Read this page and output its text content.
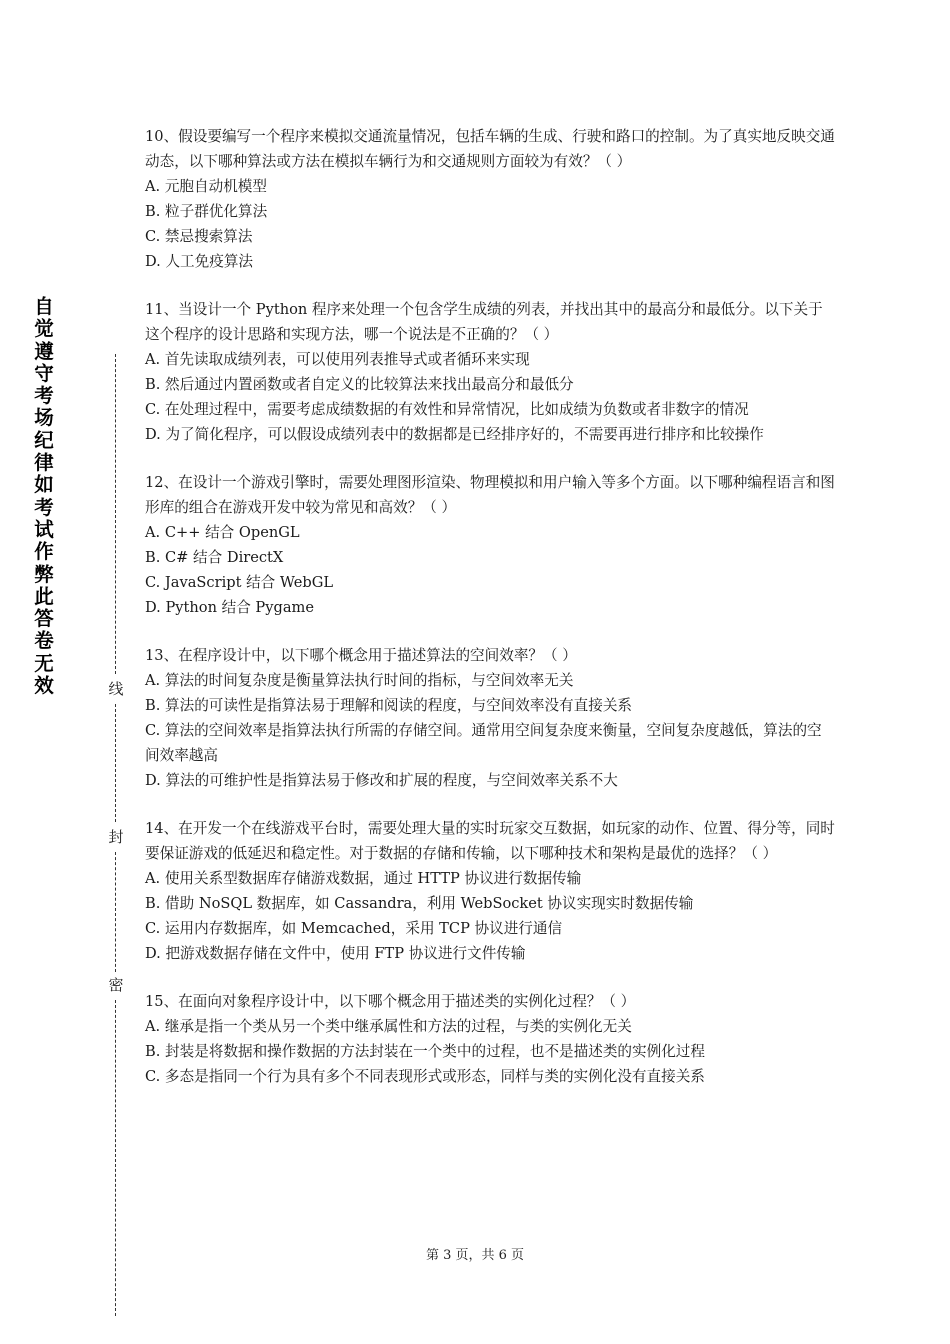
自觉遵守考场纪律如考试作弊此答卷无效	线
封
密
10、假设要编写一个程序来模拟交通流量情况，包括车辆的生成、行驶和路口的控制。为了真实地反映交通动态，以下哪种算法或方法在模拟车辆行为和交通规则方面较为有效？（ ）
A. 元胞自动机模型
B. 粒子群优化算法
C. 禁忌搜索算法
D. 人工免疫算法
11、当设计一个 Python 程序来处理一个包含学生成绩的列表，并找出其中的最高分和最低分。以下关于这个程序的设计思路和实现方法，哪一个说法是不正确的？（ ）
A. 首先读取成绩列表，可以使用列表推导式或者循环来实现
B. 然后通过内置函数或者自定义的比较算法来找出最高分和最低分
C. 在处理过程中，需要考虑成绩数据的有效性和异常情况，比如成绩为负数或者非数字的情况
D. 为了简化程序，可以假设成绩列表中的数据都是已经排序好的，不需要再进行排序和比较操作
12、在设计一个游戏引擎时，需要处理图形渲染、物理模拟和用户输入等多个方面。以下哪种编程语言和图形库的组合在游戏开发中较为常见和高效？（ ）
A. C++ 结合 OpenGL
B. C# 结合 DirectX
C. JavaScript 结合 WebGL
D. Python 结合 Pygame
13、在程序设计中，以下哪个概念用于描述算法的空间效率？（ ）
A. 算法的时间复杂度是衡量算法执行时间的指标，与空间效率无关
B. 算法的可读性是指算法易于理解和阅读的程度，与空间效率没有直接关系
C. 算法的空间效率是指算法执行所需的存储空间。通常用空间复杂度来衡量，空间复杂度越低，算法的空间效率越高
D. 算法的可维护性是指算法易于修改和扩展的程度，与空间效率关系不大
14、在开发一个在线游戏平台时，需要处理大量的实时玩家交互数据，如玩家的动作、位置、得分等，同时要保证游戏的低延迟和稳定性。对于数据的存储和传输，以下哪种技术和架构是最优的选择？（ ）
A. 使用关系型数据库存储游戏数据，通过 HTTP 协议进行数据传输
B. 借助 NoSQL 数据库，如 Cassandra，利用 WebSocket 协议实现实时数据传输
C. 运用内存数据库，如 Memcached，采用 TCP 协议进行通信
D. 把游戏数据存储在文件中，使用 FTP 协议进行文件传输
15、在面向对象程序设计中，以下哪个概念用于描述类的实例化过程？（ ）
A. 继承是指一个类从另一个类中继承属性和方法的过程，与类的实例化无关
B. 封装是将数据和操作数据的方法封装在一个类中的过程，也不是描述类的实例化过程
C. 多态是指同一个行为具有多个不同表现形式或形态，同样与类的实例化没有直接关系
第 3 页，共 6 页
